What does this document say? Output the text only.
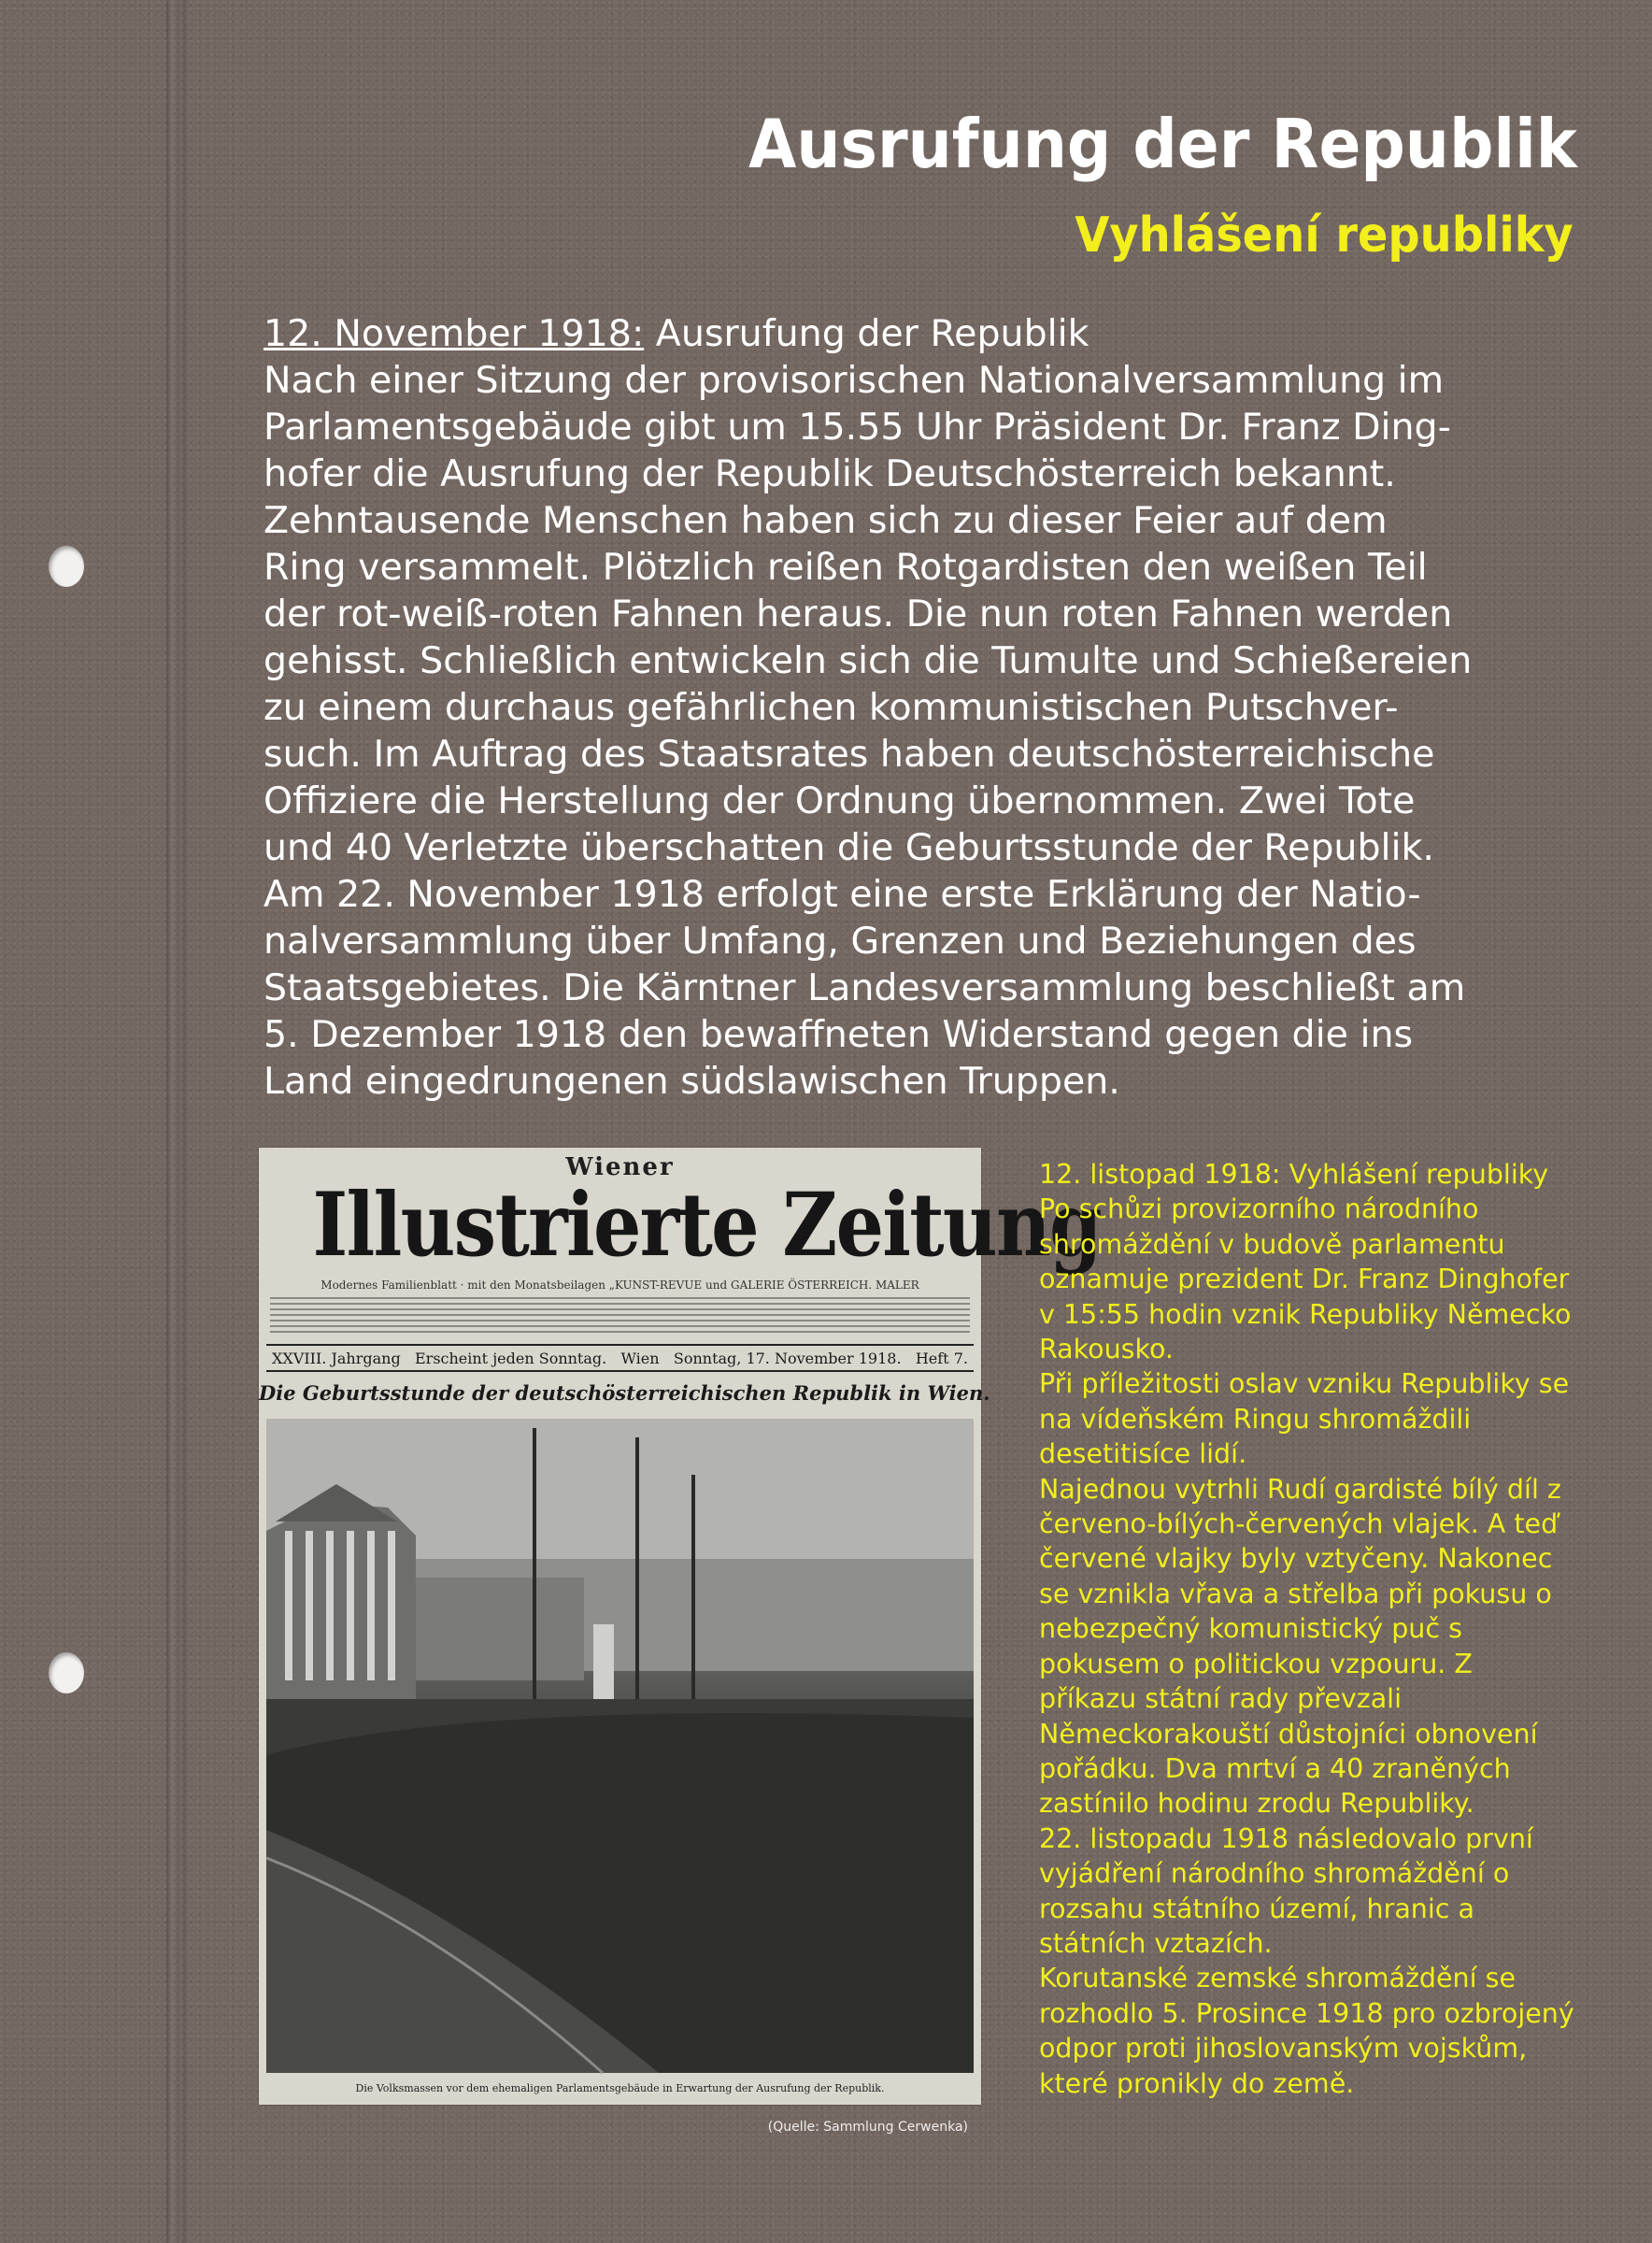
Ausrufung der Republik
Vyhlášení republiky
12. November 1918: Ausrufung der Republik
Nach einer Sitzung der provisorischen Nationalversammlung im
Parlamentsgebäude gibt um 15.55 Uhr Präsident Dr. Franz Ding-
hofer die Ausrufung der Republik Deutschösterreich bekannt.
Zehntausende Menschen haben sich zu dieser Feier auf dem
Ring versammelt. Plötzlich reißen Rotgardisten den weißen Teil
der rot-weiß-roten Fahnen heraus. Die nun roten Fahnen werden
gehisst. Schließlich entwickeln sich die Tumulte und Schießereien
zu einem durchaus gefährlichen kommunistischen Putschver-
such. Im Auftrag des Staatsrates haben deutschösterreichische
Offiziere die Herstellung der Ordnung übernommen. Zwei Tote
und 40 Verletzte überschatten die Geburtsstunde der Republik.
Am 22. November 1918 erfolgt eine erste Erklärung der Natio-
nalversammlung über Umfang, Grenzen und Beziehungen des
Staatsgebietes. Die Kärntner Landesversammlung beschließt am
5. Dezember 1918 den bewaffneten Widerstand gegen die ins
Land eingedrungenen südslawischen Truppen.
Wiener
Illustrierte Zeitung
Modernes Familienblatt · mit den Monatsbeilagen „KUNST-REVUE und GALERIE ÖSTERREICH. MALER
XXVIII. Jahrgang Erscheint jeden Sonntag. Wien Sonntag, 17. November 1918. Heft 7.
Die Geburtsstunde der deutschösterreichischen Republik in Wien.
Die Volksmassen vor dem ehemaligen Parlamentsgebäude in Erwartung der Ausrufung der Republik.
(Quelle: Sammlung Cerwenka)
12. listopad 1918: Vyhlášení republiky
Po schůzi provizorního národního
shromáždění v budově parlamentu
oznamuje prezident Dr. Franz Dinghofer
v 15:55 hodin vznik Republiky Německo
Rakousko.
Při příležitosti oslav vzniku Republiky se
na vídeňském Ringu shromáždili
desetitisíce lidí.
Najednou vytrhli Rudí gardisté bílý díl z
červeno-bílých-červených vlajek. A teď
červené vlajky byly vztyčeny. Nakonec
se vznikla vřava a střelba při pokusu o
nebezpečný komunistický puč s
pokusem o politickou vzpouru. Z
příkazu státní rady převzali
Německorakouští důstojníci obnovení
pořádku. Dva mrtví a 40 zraněných
zastínilo hodinu zrodu Republiky.
22. listopadu 1918 následovalo první
vyjádření národního shromáždění o
rozsahu státního území, hranic a
státních vztazích.
Korutanské zemské shromáždění se
rozhodlo 5. Prosince 1918 pro ozbrojený
odpor proti jihoslovanským vojskům,
které pronikly do země.
